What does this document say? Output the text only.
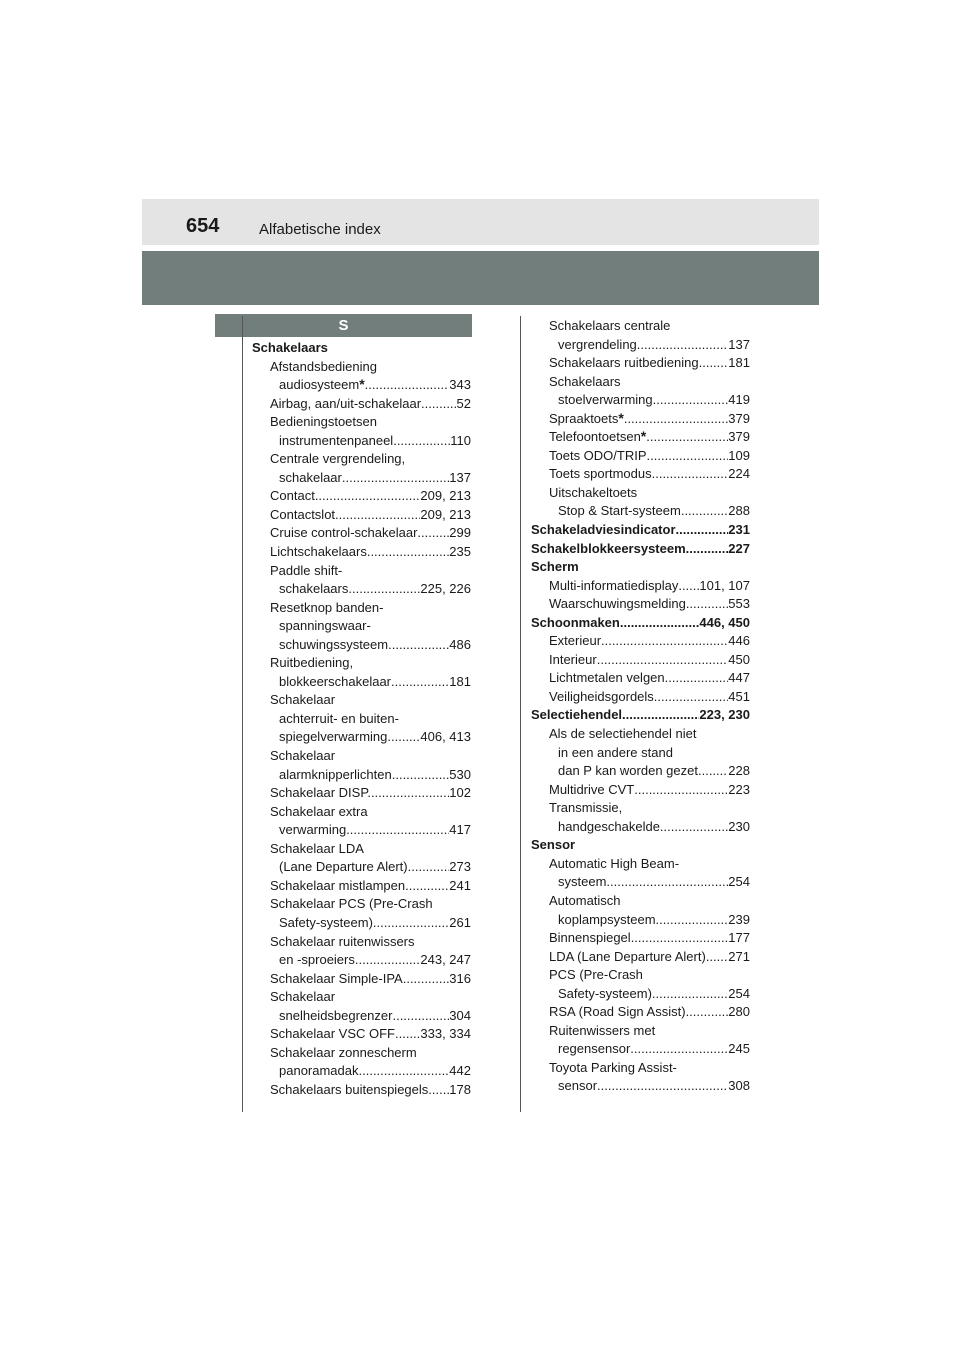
654	Alfabetische index
S
Schakelaars
Afstandsbediening
audiosysteem * .....	343
Airbag, aan/uit-schakelaar .....	52
Bedieningstoetsen
instrumentenpaneel .....	110
Centrale vergrendeling,
schakelaar .....	137
Contact .....	209, 213
Contactslot .....	209, 213
Cruise control-schakelaar ..... 299
Lichtschakelaars .....	235
Paddle shift-
schakelaars .....	225, 226
Resetknop banden-
spanningswaar-
schuwingssysteem .....	486
Ruitbediening,
blokkeerschakelaar .....	181
Schakelaar
achterruit- en buiten-
spiegelverwarming .....	406, 413
Schakelaar
alarmknipperlichten .....	530
Schakelaar DISP. .....	102
Schakelaar extra
verwarming .....	417
Schakelaar LDA
(Lane Departure Alert) .....	273
Schakelaar mistlampen .....	241
Schakelaar PCS (Pre-Crash
Safety-systeem) .....	261
Schakelaar ruitenwissers
en -sproeiers .....	243, 247
Schakelaar Simple-IPA .....	316
Schakelaar
snelheidsbegrenzer .....	304
Schakelaar VSC OFF ..... 333, 334
Schakelaar zonnescherm
panoramadak .....	442
Schakelaars buitenspiegels ..... 178
Schakelaars centrale
vergrendeling .....	137
Schakelaars ruitbediening ..... 181
Schakelaars
stoelverwarming .....	419
Spraaktoets * .....	379
Telefoontoetsen * .....	379
Toets ODO/TRIP .....	109
Toets sportmodus .....	224
Uitschakeltoets
Stop & Start-systeem .....	288
Schakeladviesindicator .....	231
Schakelblokkeersysteem .....	227
Scherm
Multi-informatiedisplay ..... 101, 107
Waarschuwingsmelding .....	553
Schoonmaken .....	446, 450
Exterieur .....	446
Interieur .....	450
Lichtmetalen velgen .....	447
Veiligheidsgordels .....	451
Selectiehendel .....	223, 230
Als de selectiehendel niet
in een andere stand
dan P kan worden gezet. ..... 228
Multidrive CVT .....	223
Transmissie,
handgeschakelde .....	230
Sensor
Automatic High Beam-
systeem .....	254
Automatisch
koplampsysteem .....	239
Binnenspiegel .....	177
LDA (Lane Departure Alert) ..... 271
PCS (Pre-Crash
Safety-systeem) .....	254
RSA (Road Sign Assist) .....	280
Ruitenwissers met
regensensor .....	245
Toyota Parking Assist-
sensor .....	308
